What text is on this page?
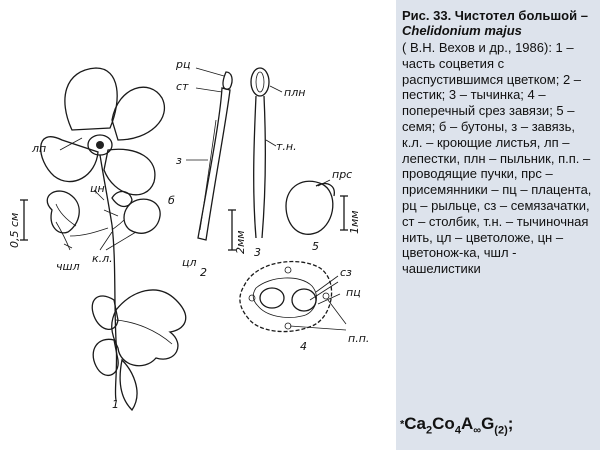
лп
0,5 см
цн
б
чшл
к.л.
1
рц
ст
з
2мм
цл
2
плн
т.н.
3
прс
1мм
5
сз
пц
п.п.
4

Рис. 33. Чистотел большой – Chelidonium majus

( В.Н. Вехов и др., 1986): 1 – часть соцветия с распустившимся цветком; 2 – пестик; 3 – тычинка; 4 – поперечный срез завязи; 5 – семя; б – бутоны, з – завязь, к.л. – кроющие листья, лп – лепестки, плн – пыльник, п.п. – проводящие пучки, прс – присемянники – пц – плацента, рц – рыльце, сз – семязачатки, ст – столбик, т.н. – тычиночная нить, цл – цветоложе, цн – цветонож-ка, чшл - чашелистики

$*Ca_2Co_4A_\infty G_{(2)}$;
